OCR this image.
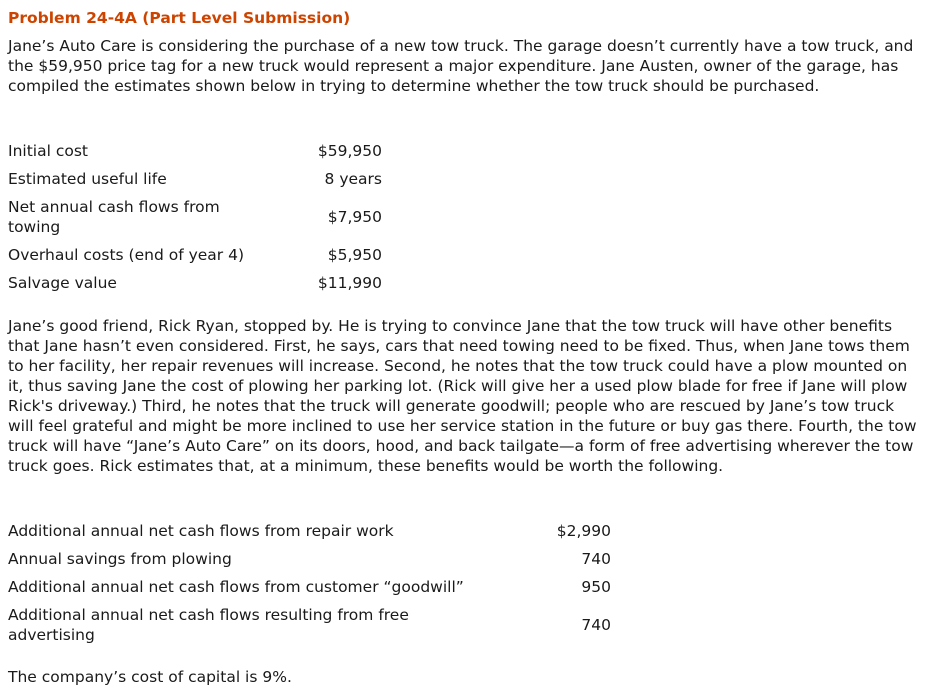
Problem 24-4A (Part Level Submission)

Jane’s Auto Care is considering the purchase of a new tow truck. The garage doesn’t currently have a tow truck, and the $59,950 price tag for a new truck would represent a major expenditure. Jane Austen, owner of the garage, has compiled the estimates shown below in trying to determine whether the tow truck should be purchased.

Initial cost	$59,950
Estimated useful life	8 years
Net annual cash flows from towing	$7,950
Overhaul costs (end of year 4)	$5,950
Salvage value	$11,990

Jane’s good friend, Rick Ryan, stopped by. He is trying to convince Jane that the tow truck will have other benefits that Jane hasn’t even considered. First, he says, cars that need towing need to be fixed. Thus, when Jane tows them to her facility, her repair revenues will increase. Second, he notes that the tow truck could have a plow mounted on it, thus saving Jane the cost of plowing her parking lot. (Rick will give her a used plow blade for free if Jane will plow Rick's driveway.) Third, he notes that the truck will generate goodwill; people who are rescued by Jane’s tow truck will feel grateful and might be more inclined to use her service station in the future or buy gas there. Fourth, the tow truck will have “Jane’s Auto Care” on its doors, hood, and back tailgate—a form of free advertising wherever the tow truck goes. Rick estimates that, at a minimum, these benefits would be worth the following.

Additional annual net cash flows from repair work	$2,990
Annual savings from plowing	740
Additional annual net cash flows from customer “goodwill”	950
Additional annual net cash flows resulting from free advertising	740

The company’s cost of capital is 9%.
